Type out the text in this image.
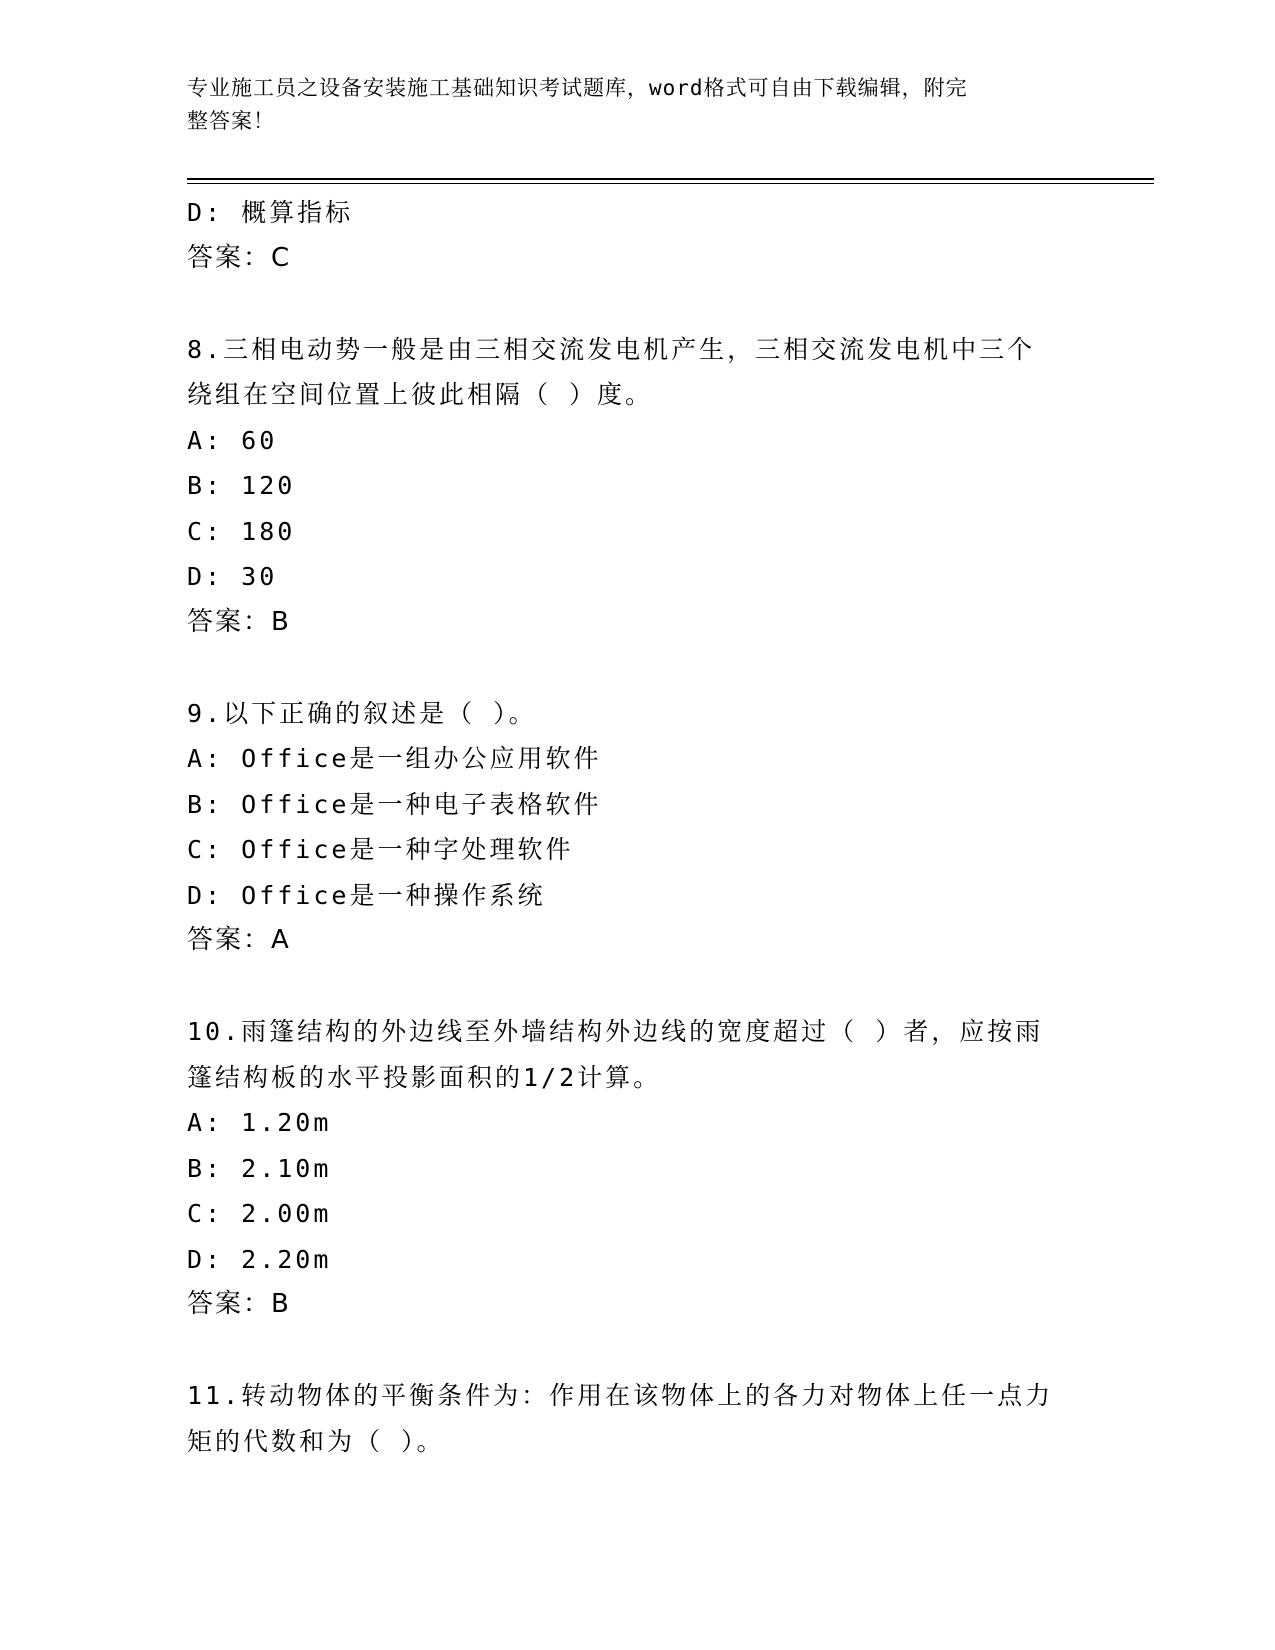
专业施工员之设备安装施工基础知识考试题库，word格式可自由下载编辑，附完
整答案！
D: 概算指标
答案：C
8.三相电动势一般是由三相交流发电机产生，三相交流发电机中三个
绕组在空间位置上彼此相隔（ ）度。
A: 60
B: 120
C: 180
D: 30
答案：B
9.以下正确的叙述是（ ）。
A: Office是一组办公应用软件
B: Office是一种电子表格软件
C: Office是一种字处理软件
D: Office是一种操作系统
答案：A
10.雨篷结构的外边线至外墙结构外边线的宽度超过（ ）者，应按雨
篷结构板的水平投影面积的1/2计算。
A: 1.20m
B: 2.10m
C: 2.00m
D: 2.20m
答案：B
11.转动物体的平衡条件为：作用在该物体上的各力对物体上任一点力
矩的代数和为（ ）。
